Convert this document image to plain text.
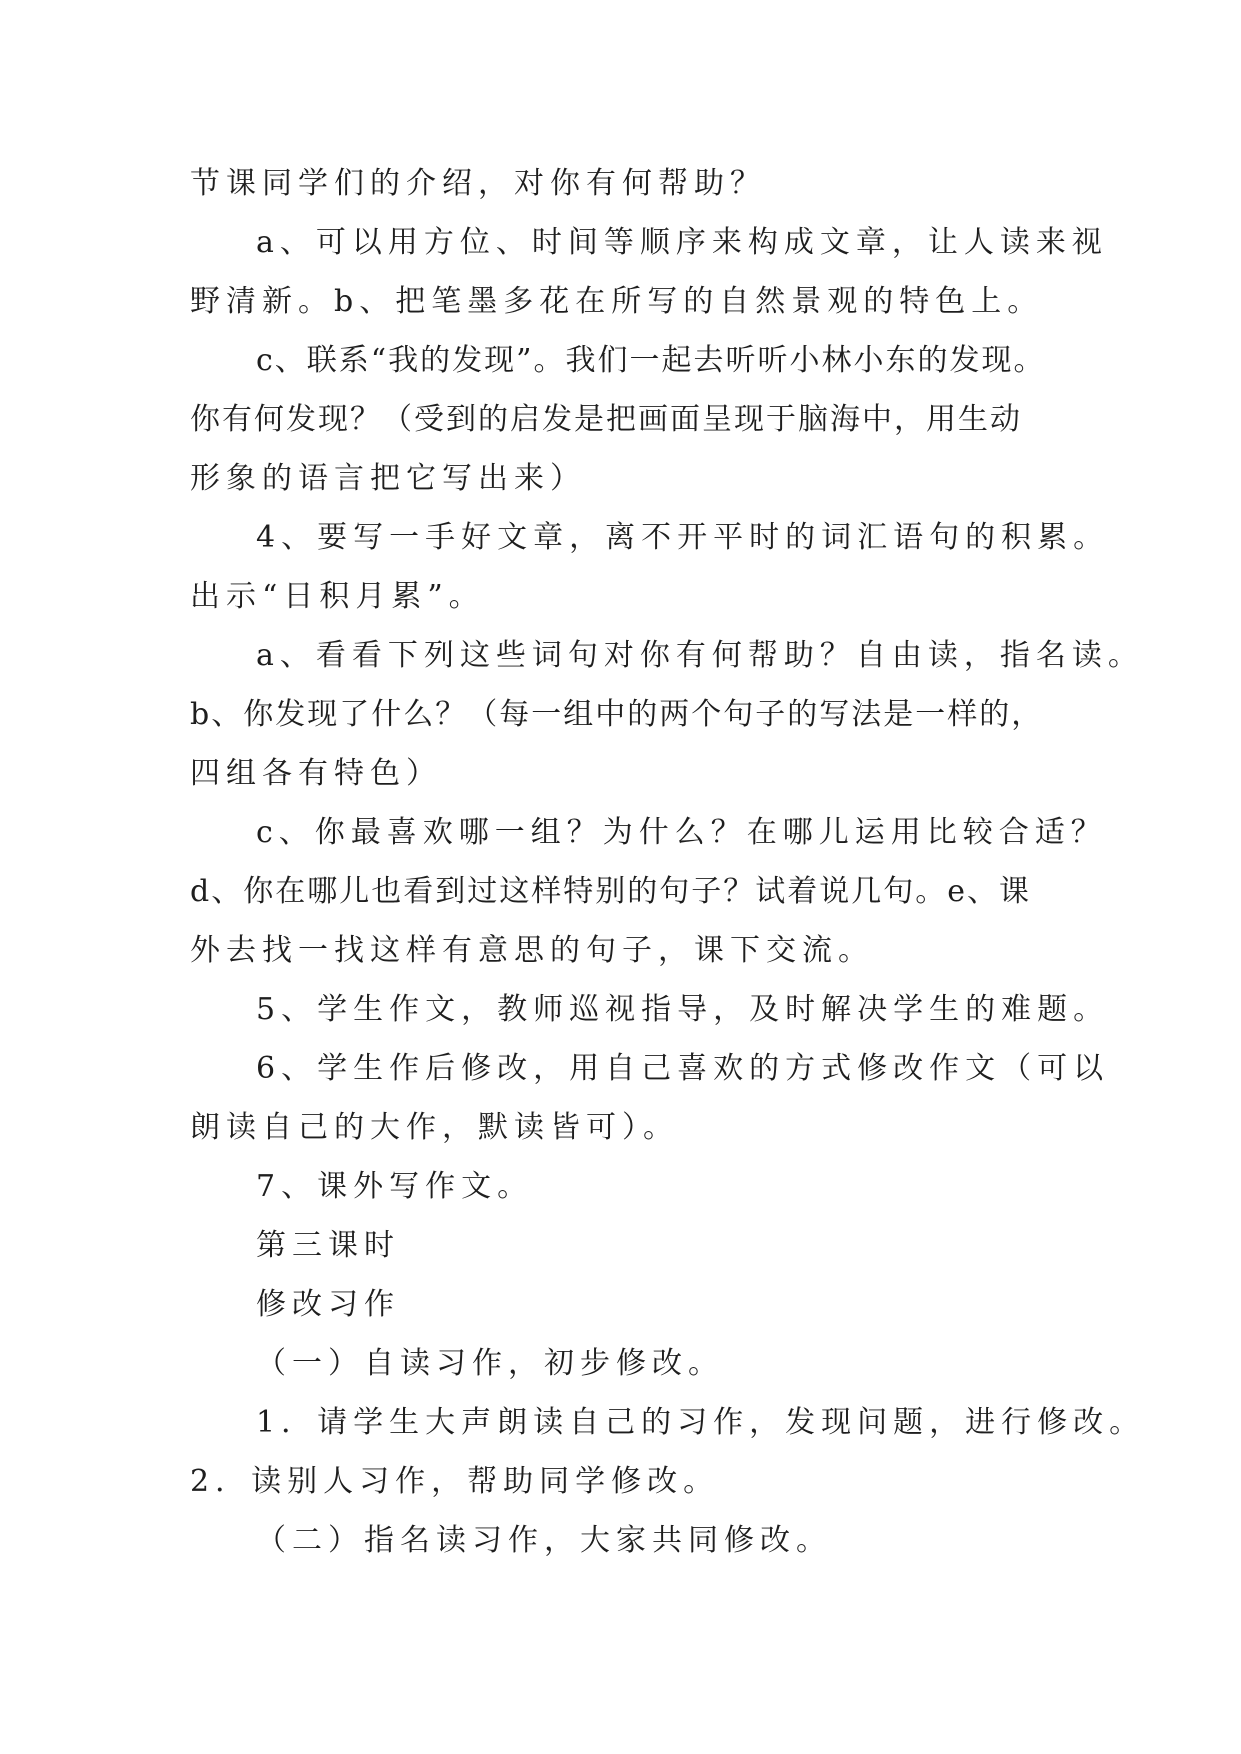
节课同学们的介绍，对你有何帮助？
a、可以用方位、时间等顺序来构成文章，让人读来视
野清新。b、把笔墨多花在所写的自然景观的特色上。
c、联系“我的发现”。我们一起去听听小林小东的发现。
你有何发现？（受到的启发是把画面呈现于脑海中，用生动
形象的语言把它写出来）
4、要写一手好文章，离不开平时的词汇语句的积累。
出示“日积月累”。
a、看看下列这些词句对你有何帮助？自由读，指名读。
b、你发现了什么？（每一组中的两个句子的写法是一样的，
四组各有特色）
c、你最喜欢哪一组？为什么？在哪儿运用比较合适？
d、你在哪儿也看到过这样特别的句子？试着说几句。e、课
外去找一找这样有意思的句子，课下交流。
5、学生作文，教师巡视指导，及时解决学生的难题。
6、学生作后修改，用自己喜欢的方式修改作文（可以
朗读自己的大作，默读皆可）。
7、课外写作文。
第三课时
修改习作
（一）自读习作，初步修改。
1．请学生大声朗读自己的习作，发现问题，进行修改。
2．读别人习作，帮助同学修改。
（二）指名读习作，大家共同修改。
